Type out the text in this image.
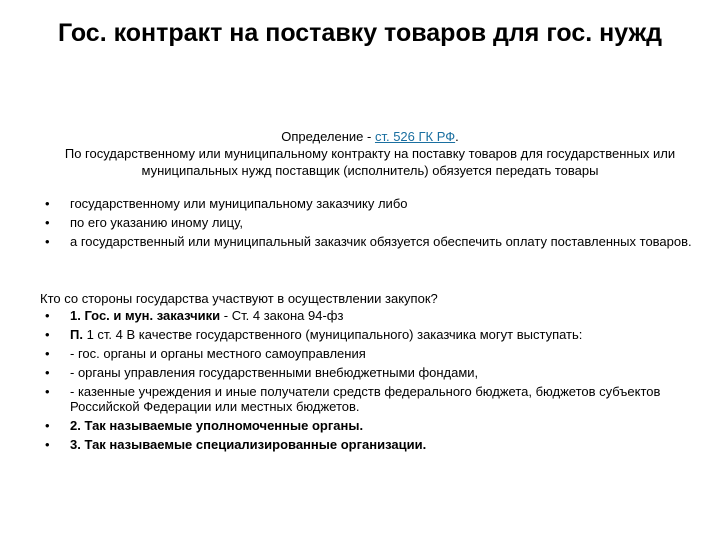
Гос. контракт на поставку товаров для гос. нужд
Определение - ст. 526 ГК РФ.
По государственному или муниципальному контракту на поставку товаров для государственных или муниципальных нужд поставщик (исполнитель) обязуется передать товары
• государственному или муниципальному заказчику либо
• по его указанию иному лицу,
• а государственный или муниципальный заказчик обязуется обеспечить оплату поставленных товаров.
Кто со стороны государства участвуют в осуществлении закупок?
• 1. Гос. и мун. заказчики - Ст. 4 закона 94-фз
• П. 1 ст. 4 В качестве государственного (муниципального) заказчика могут выступать:
• - гос. органы и органы местного самоуправления
• - органы управления государственными внебюджетными фондами,
• - казенные учреждения и иные получатели средств федерального бюджета, бюджетов субъектов Российской Федерации или местных бюджетов.
• 2. Так называемые уполномоченные органы.
• 3. Так называемые специализированные организации.
